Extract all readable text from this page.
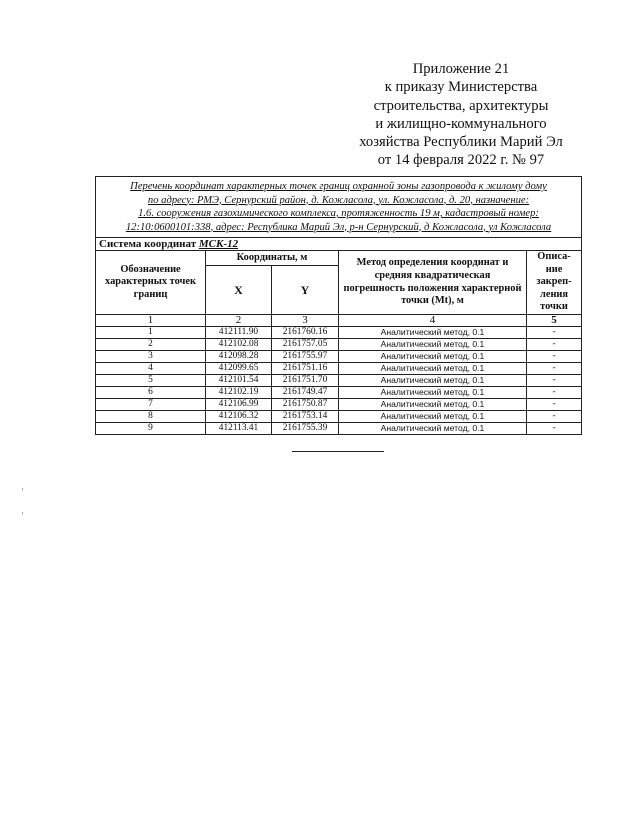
Приложение 21
к приказу Министерства
строительства, архитектуры
и жилищно-коммунального
хозяйства Республики Марий Эл
от 14 февраля 2022 г. № 97
Перечень координат характерных точек границ охранной зоны газопровода к жилому дому
по адресу: РМЭ, Сернурский район, д. Кожласола, ул. Кожласола, д. 20, назначение:
1.6. сооружения газохимического комплекса, протяженность 19 м, кадастровый номер:
12:10:0600101:338, адрес: Республика Марий Эл, р-н Сернурский, д Кожласола, ул Кожласола				

Система координат МСК-12				
Обозначение характерных точек границ	Координаты, м		Метод определения координат и средняя квадратическая погрешность положения характерной точки (Mt), м	Описа-ние закреп-ления точки
	X	Y		
1	2	3	4	5
1	412111.90	2161760.16	Аналитический метод, 0.1	-
2	412102.08	2161757.05	Аналитический метод, 0.1	-
3	412098.28	2161755.97	Аналитический метод, 0.1	-
4	412099.65	2161751.16	Аналитический метод, 0.1	-
5	412101.54	2161751.70	Аналитический метод, 0.1	-
6	412102.19	2161749.47	Аналитический метод, 0.1	-
7	412106.99	2161750.87	Аналитический метод, 0.1	-
8	412106.32	2161753.14	Аналитический метод, 0.1	-
9	412113.41	2161755.39	Аналитический метод, 0.1	-
